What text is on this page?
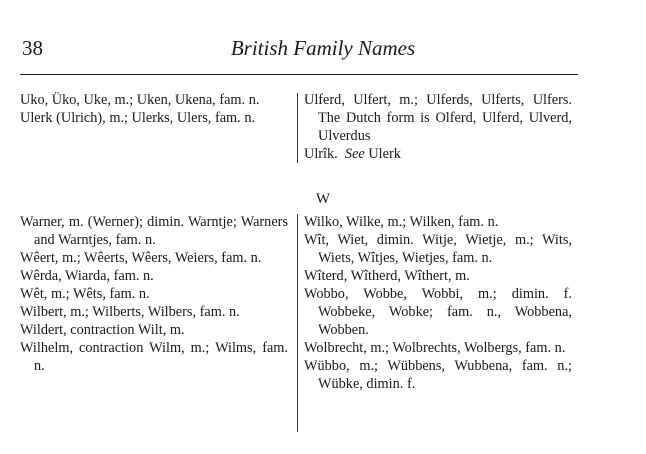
38	British Family Names
Uko, Üko, Uke, m.; Uken, Ukena, fam. n.
Ulerk (Ulrich), m.; Ulerks, Ulers, fam. n.
Ulferd, Ulfert, m.; Ulferds, Ulferts, Ulfers. The Dutch form is Olferd, Ulferd, Ulverd, Ulverdus
Ulrîk. See Ulerk
W
Warner, m. (Werner); dimin. Warntje; Warners and Warntjes, fam. n.
Wêert, m.; Wêerts, Wêers, Weiers, fam. n.
Wêrda, Wiarda, fam. n.
Wêt, m.; Wêts, fam. n.
Wilbert, m.; Wilberts, Wilbers, fam. n.
Wildert, contraction Wilt, m.
Wilhelm, contraction Wilm, m.; Wilms, fam. n.
Wilko, Wilke, m.; Wilken, fam. n.
Wît, Wiet, dimin. Witje, Wietje, m.; Wits, Wiets, Wîtjes, Wietjes, fam. n.
Wîterd, Wîtherd, Wîthert, m.
Wobbo, Wobbe, Wobbi, m.; dimin. f. Wobbeke, Wobke; fam. n., Wobbena, Wobben.
Wolbrecht, m.; Wolbrechts, Wolbergs, fam. n.
Wübbo, m.; Wübbens, Wubbena, fam. n.; Wübke, dimin. f.
